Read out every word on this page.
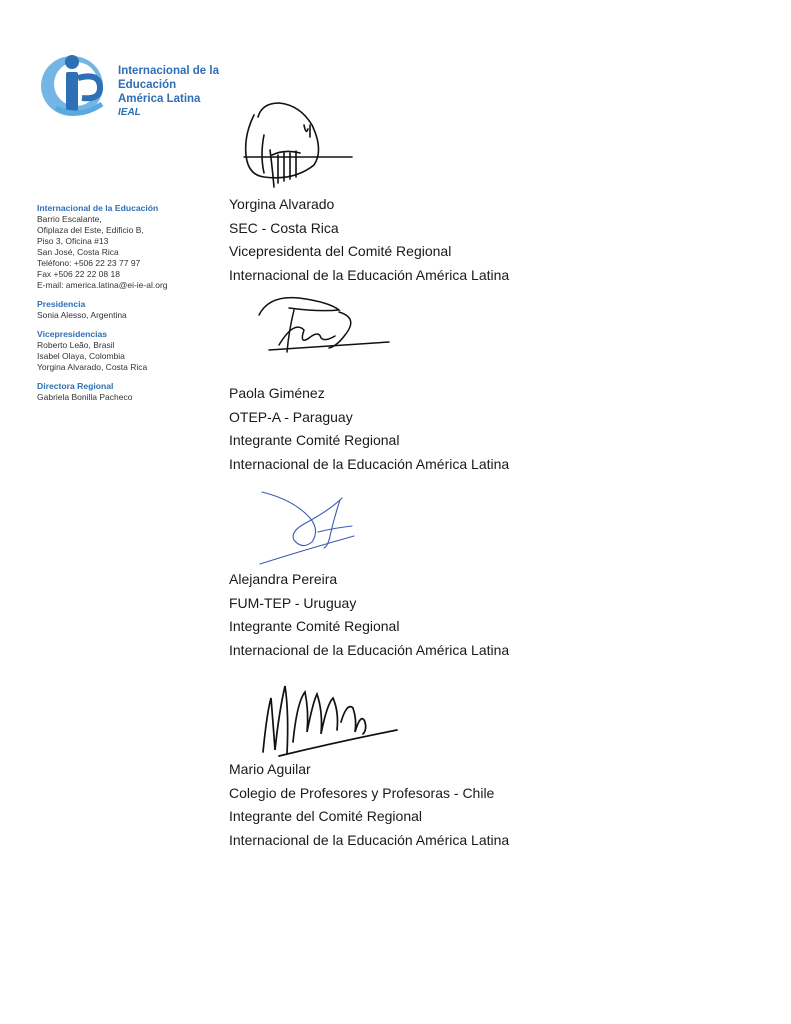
Internacional de la Educación
América Latina
IEAL
Internacional de la Educación
Barrio Escalante,
Ofiplaza del Este, Edificio B,
Piso 3, Oficina #13
San José, Costa Rica
Teléfono: +506 22 23 77 97
Fax +506 22 22 08 18
E-mail: america.latina@ei-ie-al.org
Presidencia
Sonia Alesso, Argentina
Vicepresidencias
Roberto Leão, Brasil
Isabel Olaya, Colombia
Yorgina Alvarado, Costa Rica
Directora Regional
Gabriela Bonilla Pacheco
Yorgina Alvarado
SEC - Costa Rica
Vicepresidenta del Comité Regional
Internacional de la Educación América Latina
Paola Giménez
OTEP-A - Paraguay
Integrante Comité Regional
Internacional de la Educación América Latina
Alejandra Pereira
FUM-TEP - Uruguay
Integrante Comité Regional
Internacional de la Educación América Latina
Mario Aguilar
Colegio de Profesores y Profesoras - Chile
Integrante del Comité Regional
Internacional de la Educación América Latina
